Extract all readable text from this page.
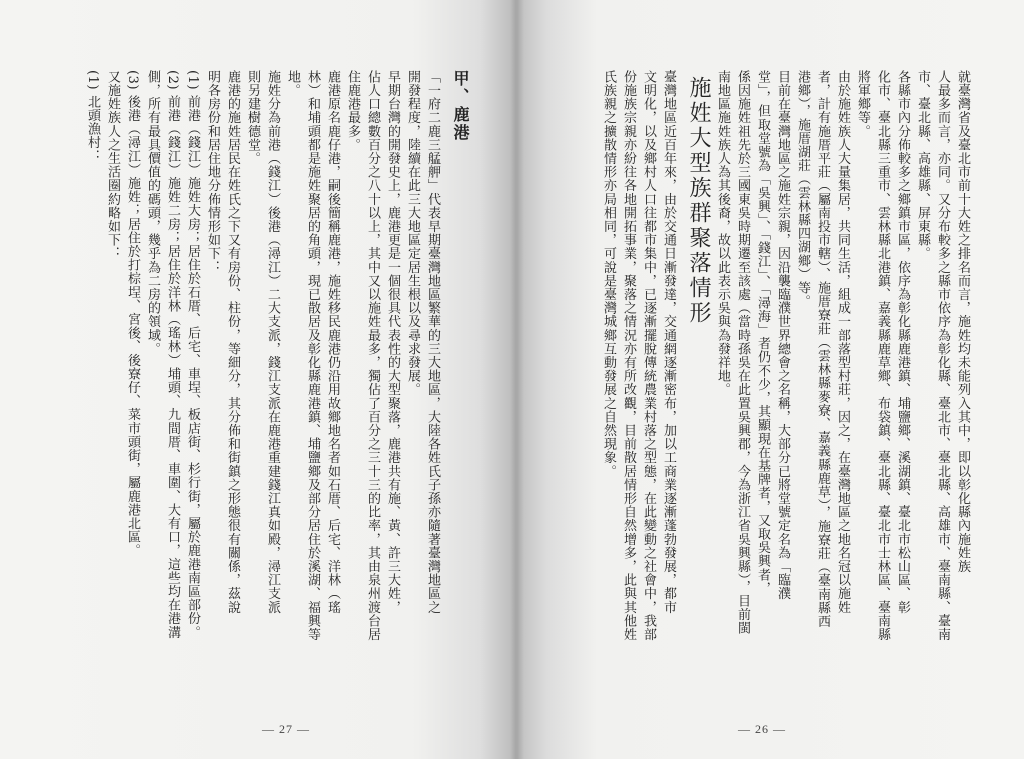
甲、鹿港
「一府二鹿三艋舺」代表早期臺灣地區繁華的三大地區，大陸各姓氏子孫亦隨著臺灣地區之
開發程度，陸續在此三大地區定居生根以及尋求發展。
早期台灣的開發史上，鹿港更是一個很具代表性的大型聚落，鹿港共有施、黃、許三大姓，
佔人口總數百分之八十以上，其中又以施姓最多，獨佔了百分之三十三的比率，其由泉州渡台居
住鹿港最多。
鹿港原名鹿仔港，嗣後簡稱鹿港，施姓移民鹿港仍沿用故鄉地名者如石厝、后宅、洋林（瑤
林）和埔頭都是施姓聚居的角頭，現已散居及彰化縣鹿港鎮、埔鹽鄉及部分居住於溪湖、福興等
地。
施姓分為前港（錢江）後港（潯江）二大支派，錢江支派在鹿港重建錢江真如殿，潯江支派
則另建樹德堂。
鹿港的施姓居民在姓氏之下又有房份、柱份，等細分，其分佈和街鎮之形態很有關係，茲說
明各房份和居住地分佈情形如下：
(1) 前港（錢江）施姓大房；居住於石厝、后宅、車埕、板店街、杉行街，屬於鹿港南區部份。
(2) 前港（錢江）施姓二房；居住於洋林（瑤林）埔頭、九間厝、車圍、大有口，這些均在港溝
側，所有最具價值的碼頭，幾乎為二房的領域。
(3) 後港（潯江）施姓；居住於打棕埕、宮後、後寮仔、菜市頭街，屬鹿港北區。
又施姓族人之生活圈約略如下：
(1) 北頭漁村：
— 27 —
就臺灣省及臺北市前十大姓之排名而言，施姓均未能列入其中，即以彰化縣內施姓族
人最多而言，亦同。又分布較多之縣市依序為彰化縣、臺北市、臺北縣、高雄市、臺南縣、臺南
市、臺北縣、高雄縣、屏東縣。
各縣市內分佈較多之鄉鎮市區，依序為彰化縣鹿港鎮、埔鹽鄉、溪湖鎮、臺北市松山區、彰
化市、臺北縣三重市、雲林縣北港鎮、嘉義縣鹿草鄉、布袋鎮、臺北縣、臺北市士林區、臺南縣
將軍鄉等。
由於施姓族人大量集居，共同生活，組成一部落型村莊，因之，在臺灣地區之地名冠以施姓
者，計有施厝平莊（屬南投市轄）、施厝寮莊（雲林縣麥寮、嘉義縣鹿草），施寮莊（臺南縣西
港鄉），施厝湖莊（雲林縣四湖鄉）等。
目前在臺灣地區之施姓宗親，因沿襲臨濮世界總會之名稱，大部分已將堂號定名為「臨濮
堂」，但取堂號為「吳興」、「錢江」、「潯海」者仍不少，其顯現在基牌者，又取吳興者，
係因施姓祖先於三國東吳時期遷至該處（當時孫吳在此置吳興郡，今為浙江省吳興縣），目前閩
南地區施姓族人為其後裔，故以此表示吳與為發祥地。
施姓大型族群聚落情形
臺灣地區近百年來，由於交通日漸發達，交通網逐漸密布，加以工商業逐漸蓬勃發展，都市
文明化，以及鄉村人口往都市集中，已逐漸擺脫傳統農業村落之型態，在此變動之社會中，我部
份施族宗親亦紛往各地開拓事業，聚落之情況亦有所改觀，目前散居情形自然增多，此與其他姓
氏族親之擴散情形亦局相同，可說是臺灣城鄉互動發展之自然現象。
— 26 —
